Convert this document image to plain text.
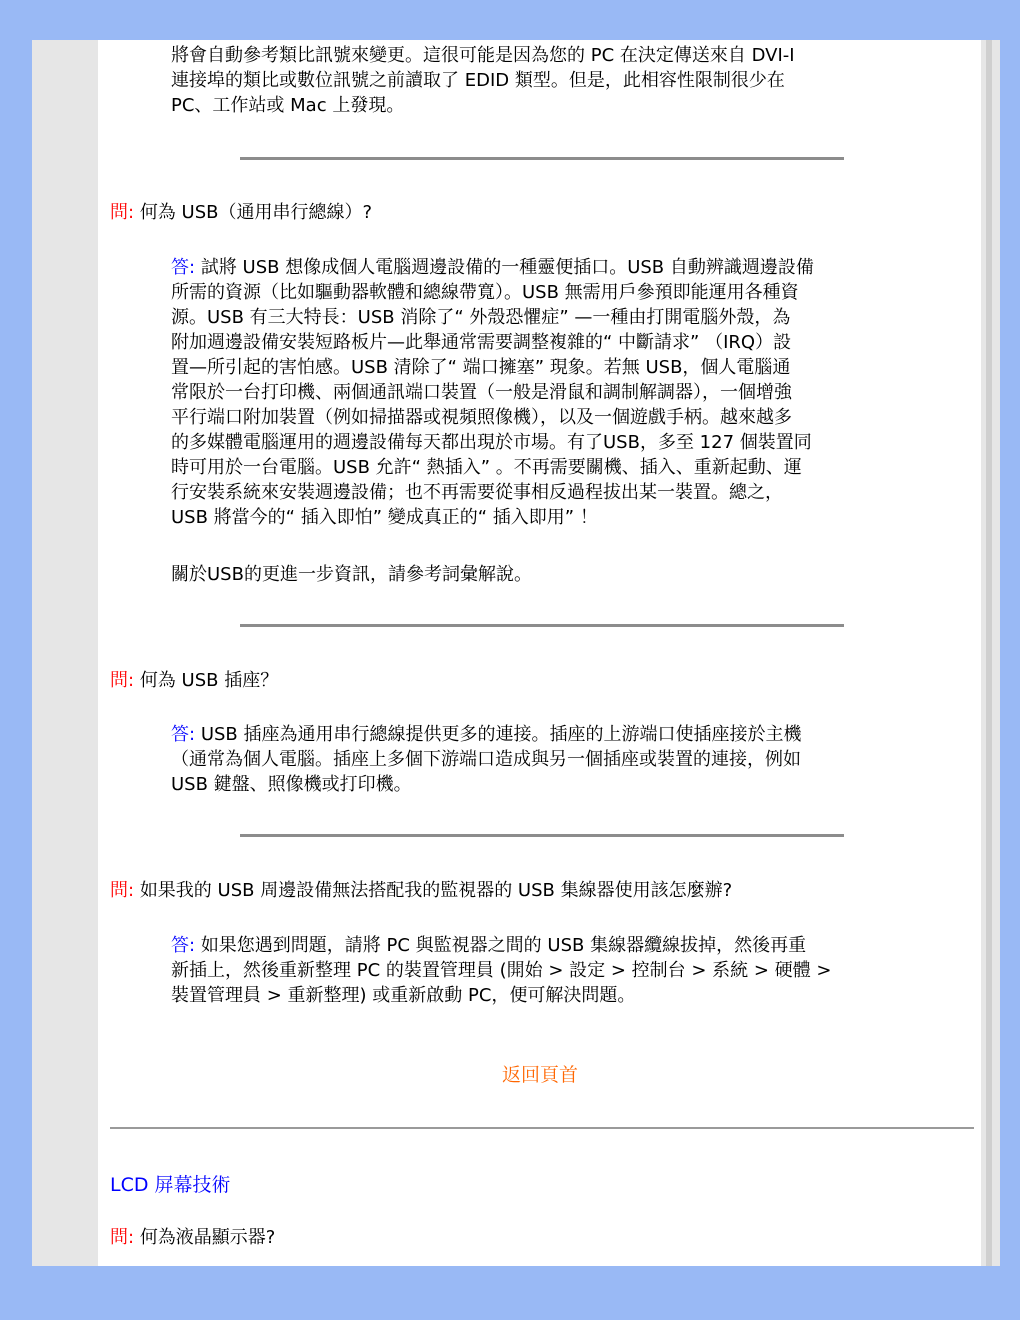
將會自動參考類比訊號來變更。這很可能是因為您的 PC 在決定傳送來自 DVI-I
連接埠的類比或數位訊號之前讀取了 EDID 類型。但是，此相容性限制很少在
PC、工作站或 Mac 上發現。
問: 何為 USB（通用串行總線）?
答: 試將 USB 想像成個人電腦週邊設備的一種靈便插口。USB 自動辨識週邊設備
所需的資源（比如驅動器軟體和總線帶寬）。USB 無需用戶參預即能運用各種資
源。USB 有三大特長：USB 消除了“ 外殼恐懼症” —一種由打開電腦外殼，為
附加週邊設備安裝短路板片—此舉通常需要調整複雜的“ 中斷請求” （IRQ）設
置—所引起的害怕感。USB 清除了“ 端口擁塞” 現象。若無 USB，個人電腦通
常限於一台打印機、兩個通訊端口裝置（一般是滑鼠和調制解調器），一個增強
平行端口附加裝置（例如掃描器或視頻照像機），以及一個遊戲手柄。越來越多
的多媒體電腦運用的週邊設備每天都出現於市場。有了USB，多至 127 個裝置同
時可用於一台電腦。USB 允許“ 熱插入” 。不再需要關機、插入、重新起動、運
行安裝系統來安裝週邊設備；也不再需要從事相反過程拔出某一裝置。總之，
USB 將當今的“ 插入即怕” 變成真正的“ 插入即用” ！
關於USB的更進一步資訊，請參考詞彙解說。
問: 何為 USB 插座？
答: USB 插座為通用串行總線提供更多的連接。插座的上游端口使插座接於主機
（通常為個人電腦。插座上多個下游端口造成與另一個插座或裝置的連接，例如
USB 鍵盤、照像機或打印機。
問: 如果我的 USB 周邊設備無法搭配我的監視器的 USB 集線器使用該怎麼辦?
答: 如果您遇到問題，請將 PC 與監視器之間的 USB 集線器纜線拔掉，然後再重
新插上，然後重新整理 PC 的裝置管理員 (開始 > 設定 > 控制台 > 系統 > 硬體 >
裝置管理員 > 重新整理) 或重新啟動 PC，便可解決問題。
返回頁首
LCD 屏幕技術
問: 何為液晶顯示器?
